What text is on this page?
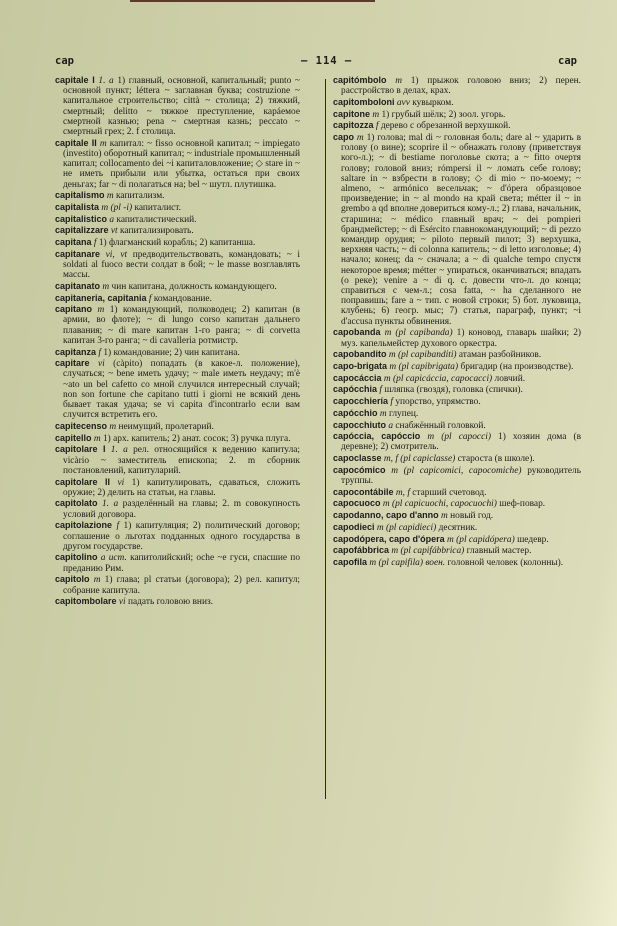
cap	— 114 —	cap
capitale I 1. a 1) главный, основной, капитальный; punto ~ основной пункт; léttera ~ заглавная буква; costruzione ~ капитальное строительство; città ~ столица; 2) тяжкий, смертный; delitto ~ тяжкое преступление, карáемое смертной казнью; pena ~ смертная казнь; peccato ~ смертный грех; 2. f столица.
capitale II m капитал: ~ fisso основной капитал; ~ impiegato (investito) оборотный капитал; ~ industriale промышленный капитал; collocamento dei ~i капиталовложение; ◇ stare in ~ не иметь прибыли или убытка, остаться при своих деньгах; far ~ di полагаться на; bel ~ шутл. плутишка.
capitalismo m капитализм.
capitalista m (pl -i) капиталист.
capitalistico a капиталистический.
capitalizzare vt капитализировать.
capitana f 1) флагманский корабль; 2) капитанша.
capitanare vi, vt предводительствовать, командовать; ~ i soldati al fuoco вести солдат в бой; ~ le masse возглавлять массы.
capitanato m чин капитана, должность командующего.
capitaneria, capitania f командование.
capitano m 1) командующий, полководец; 2) капитан (в армии, во флоте); ~ di lungo corso капитан дальнего плавания; ~ di mare капитан 1-го ранга; ~ di corvetta капитан 3-го ранга; ~ di cavalleria ротмистр.
capitanza f 1) командование; 2) чин капитана.
capitare vi (càpito) попадать (в какое-л. положение), случаться; ~ bene иметь удачу; ~ male иметь неудачу; m'è ~ato un bel cafetto со мной случился интересный случай; non son fortune che capitano tutti i giorni не всякий день бывает такая удача; se vi capita d'incontrarlo если вам случится встретить его.
capitecenso m неимущий, пролетарий.
capitello m 1) арх. капитель; 2) анат. сосок; 3) ручка плуга.
capitolare I 1. a рел. относящийся к ведению капитула; vicàrio ~ заместитель епископа; 2. m сборник постановлений, капитуларий.
capitolare II vi 1) капитулировать, сдаваться, сложить оружие; 2) делить на статьи, на главы.
capitolato 1. a разделённый на главы; 2. m совокупность условий договора.
capitolazione f 1) капитуляция; 2) политический договор; соглашение о льготах подданных одного государства в другом государстве.
capitolino a ист. капитолийский; oche ~e гуси, спасшие по преданию Рим.
capitolo m 1) глава; pl статьи (договора); 2) рел. капитул; собрание капитула.
capitombolare vi падать головою вниз.
capitómbolo m 1) прыжок головою вниз; 2) перен. расстройство в делах, крах.
capitomboloni avv кувырком.
capitone m 1) грубый шёлк; 2) зоол. угорь.
capitozza f дерево с обрезанной верхушкой.
capo m 1) голова; mal di ~ головная боль; dare al ~ ударить в голову (о вине); scoprire il ~ обнажать голову (приветствуя кого-л.); ~ di bestiame поголовье скота; a ~ fitto очертя голову; головой вниз; rómpersi il ~ ломать себе голову; saltare in ~ взбрести в голову; ◇ di mio ~ по-моему; ~ almeno, ~ armónico весельчак; ~ d'ópera образцовое произведение; in ~ al mondo на край света; métter il ~ in grembo a qd вполне довериться кому-л.; 2) глава, начальник, старшина; ~ médico главный врач; ~ dei pompieri брандмейстер; ~ di Esército главнокомандующий; ~ di pezzo командир орудия; ~ piloto первый пилот; 3) верхушка, верхняя часть; ~ di colonna капитель; ~ di letto изголовье; 4) начало; конец; da ~ сначала; a ~ di qualche tempo спустя некоторое время; métter ~ упираться, оканчиваться; впадать (о реке); venire a ~ di q. c. довести что-л. до конца; справиться с чем-л.; cosa fatta, ~ ha сделанного не поправишь; fare a ~ тип. с новой строки; 5) бот. луковица, клубень; 6) геогр. мыс; 7) статья, параграф, пункт; ~i d'accusa пункты обвинения.
capobanda m (pl capibanda) 1) коновод, главарь шайки; 2) муз. капельмейстер духового оркестра.
capobandito m (pl capibanditi) атаман разбойников.
capo-brigata m (pl capibrigata) бригадир (на производстве).
capocáccia m (pl capicáccia, capocacci) ловчий.
capócchia f шляпка (гвоздя), головка (спички).
capocchiería f упорство, упрямство.
capócchio m глупец.
capocchiuto a снабжённый головкой.
capóccia, capóccio m (pl capocci) 1) хозяин дома (в деревне); 2) смотритель.
capoclasse m, f (pl capiclasse) староста (в школе).
capocómico m (pl capicomici, capocomiche) руководитель труппы.
capocontábile m, f старший счетовод.
capocuoco m (pl capicuochi, capocuochi) шеф-повар.
capodanno, capo d'anno m новый год.
capodieci m (pl capidieci) десятник.
capodópera, capo d'ópera m (pl capidópera) шедевр.
capofábbrica m (pl capifábbrica) главный мастер.
capofila m (pl capifila) воен. головной человек (колонны).
